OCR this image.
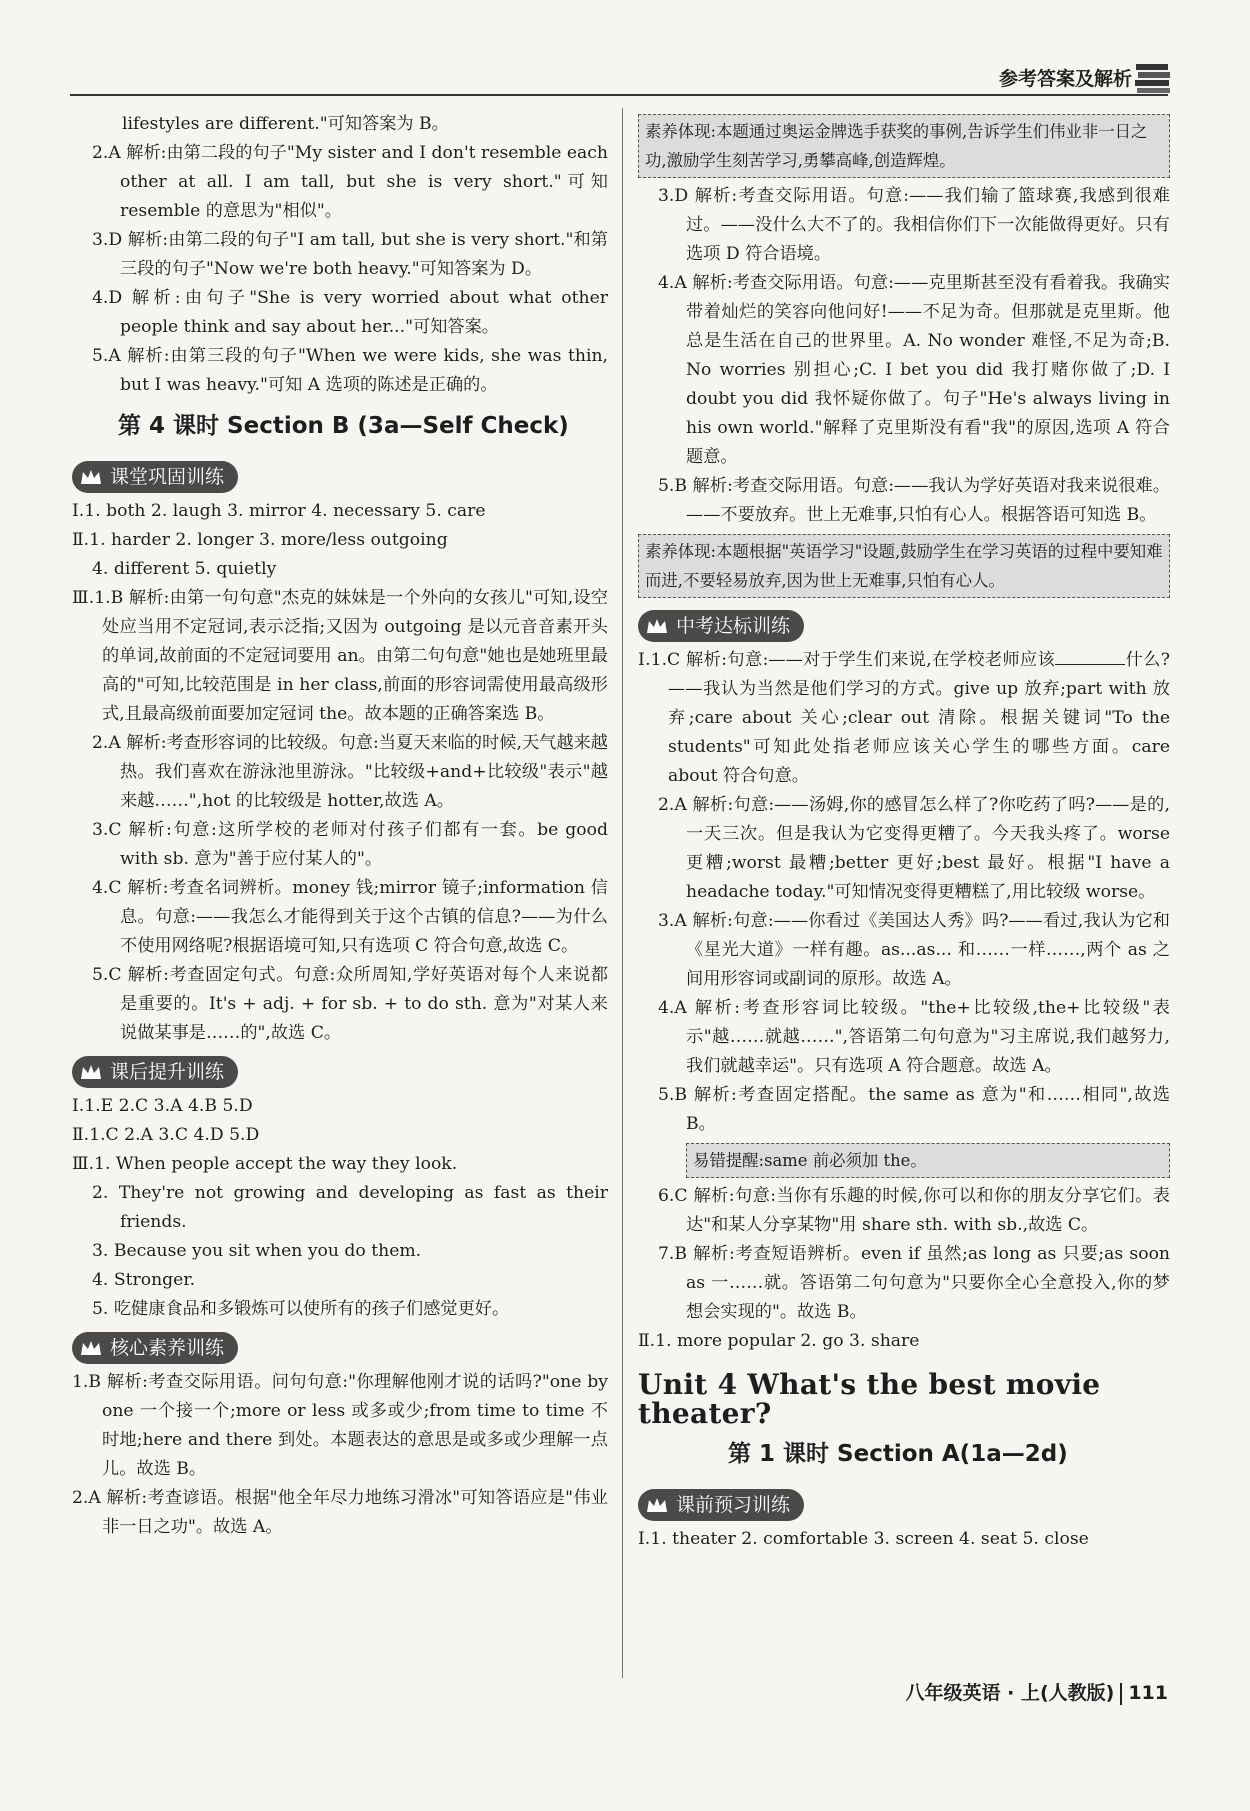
参考答案及解析
lifestyles are different."可知答案为 B。
2.A 解析:由第二段的句子"My sister and I don't resemble each other at all. I am tall, but she is very short."可知 resemble 的意思为"相似"。
3.D 解析:由第二段的句子"I am tall, but she is very short."和第三段的句子"Now we're both heavy."可知答案为 D。
4.D 解析:由句子"She is very worried about what other people think and say about her..."可知答案。
5.A 解析:由第三段的句子"When we were kids, she was thin, but I was heavy."可知 A 选项的陈述是正确的。
第 4 课时 Section B (3a—Self Check)
课堂巩固训练
Ⅰ.1. both 2. laugh 3. mirror 4. necessary 5. care
Ⅱ.1. harder 2. longer 3. more/less outgoing
4. different 5. quietly
Ⅲ.1.B 解析:由第一句句意"杰克的妹妹是一个外向的女孩儿"可知,设空处应当用不定冠词,表示泛指;又因为 outgoing 是以元音音素开头的单词,故前面的不定冠词要用 an。由第二句句意"她也是她班里最高的"可知,比较范围是 in her class,前面的形容词需使用最高级形式,且最高级前面要加定冠词 the。故本题的正确答案选 B。
2.A 解析:考查形容词的比较级。句意:当夏天来临的时候,天气越来越热。我们喜欢在游泳池里游泳。"比较级+and+比较级"表示"越来越……",hot 的比较级是 hotter,故选 A。
3.C 解析:句意:这所学校的老师对付孩子们都有一套。be good with sb. 意为"善于应付某人的"。
4.C 解析:考查名词辨析。money 钱;mirror 镜子;information 信息。句意:——我怎么才能得到关于这个古镇的信息?——为什么不使用网络呢?根据语境可知,只有选项 C 符合句意,故选 C。
5.C 解析:考查固定句式。句意:众所周知,学好英语对每个人来说都是重要的。It's + adj. + for sb. + to do sth. 意为"对某人来说做某事是……的",故选 C。
课后提升训练
Ⅰ.1.E 2.C 3.A 4.B 5.D
Ⅱ.1.C 2.A 3.C 4.D 5.D
Ⅲ.1. When people accept the way they look.
2. They're not growing and developing as fast as their friends.
3. Because you sit when you do them.
4. Stronger.
5. 吃健康食品和多锻炼可以使所有的孩子们感觉更好。
核心素养训练
1.B 解析:考查交际用语。问句句意:"你理解他刚才说的话吗?"one by one 一个接一个;more or less 或多或少;from time to time 不时地;here and there 到处。本题表达的意思是或多或少理解一点儿。故选 B。
2.A 解析:考查谚语。根据"他全年尽力地练习滑冰"可知答语应是"伟业非一日之功"。故选 A。
素养体现:本题通过奥运金牌选手获奖的事例,告诉学生们伟业非一日之功,激励学生刻苦学习,勇攀高峰,创造辉煌。
3.D 解析:考查交际用语。句意:——我们输了篮球赛,我感到很难过。——没什么大不了的。我相信你们下一次能做得更好。只有选项 D 符合语境。
4.A 解析:考查交际用语。句意:——克里斯甚至没有看着我。我确实带着灿烂的笑容向他问好!——不足为奇。但那就是克里斯。他总是生活在自己的世界里。A. No wonder 难怪,不足为奇;B. No worries 别担心;C. I bet you did 我打赌你做了;D. I doubt you did 我怀疑你做了。句子"He's always living in his own world."解释了克里斯没有看"我"的原因,选项 A 符合题意。
5.B 解析:考查交际用语。句意:——我认为学好英语对我来说很难。——不要放弃。世上无难事,只怕有心人。根据答语可知选 B。
素养体现:本题根据"英语学习"设题,鼓励学生在学习英语的过程中要知难而进,不要轻易放弃,因为世上无难事,只怕有心人。
中考达标训练
Ⅰ.1.C 解析:句意:——对于学生们来说,在学校老师应该	什么?——我认为当然是他们学习的方式。give up 放弃;part with 放弃;care about 关心;clear out 清除。根据关键词"To the students"可知此处指老师应该关心学生的哪些方面。care about 符合句意。
2.A 解析:句意:——汤姆,你的感冒怎么样了?你吃药了吗?——是的,一天三次。但是我认为它变得更糟了。今天我头疼了。worse 更糟;worst 最糟;better 更好;best 最好。根据"I have a headache today."可知情况变得更糟糕了,用比较级 worse。
3.A 解析:句意:——你看过《美国达人秀》吗?——看过,我认为它和《星光大道》一样有趣。as...as... 和……一样……,两个 as 之间用形容词或副词的原形。故选 A。
4.A 解析:考查形容词比较级。"the+比较级,the+比较级"表示"越……就越……",答语第二句句意为"习主席说,我们越努力,我们就越幸运"。只有选项 A 符合题意。故选 A。
5.B 解析:考查固定搭配。the same as 意为"和……相同",故选 B。
易错提醒:same 前必须加 the。
6.C 解析:句意:当你有乐趣的时候,你可以和你的朋友分享它们。表达"和某人分享某物"用 share sth. with sb.,故选 C。
7.B 解析:考查短语辨析。even if 虽然;as long as 只要;as soon as 一……就。答语第二句句意为"只要你全心全意投入,你的梦想会实现的"。故选 B。
Ⅱ.1. more popular 2. go 3. share
Unit 4 What's the best movie theater?
第 1 课时 Section A(1a—2d)
课前预习训练
Ⅰ.1. theater 2. comfortable 3. screen 4. seat 5. close
八年级英语 · 上(人教版) 111
